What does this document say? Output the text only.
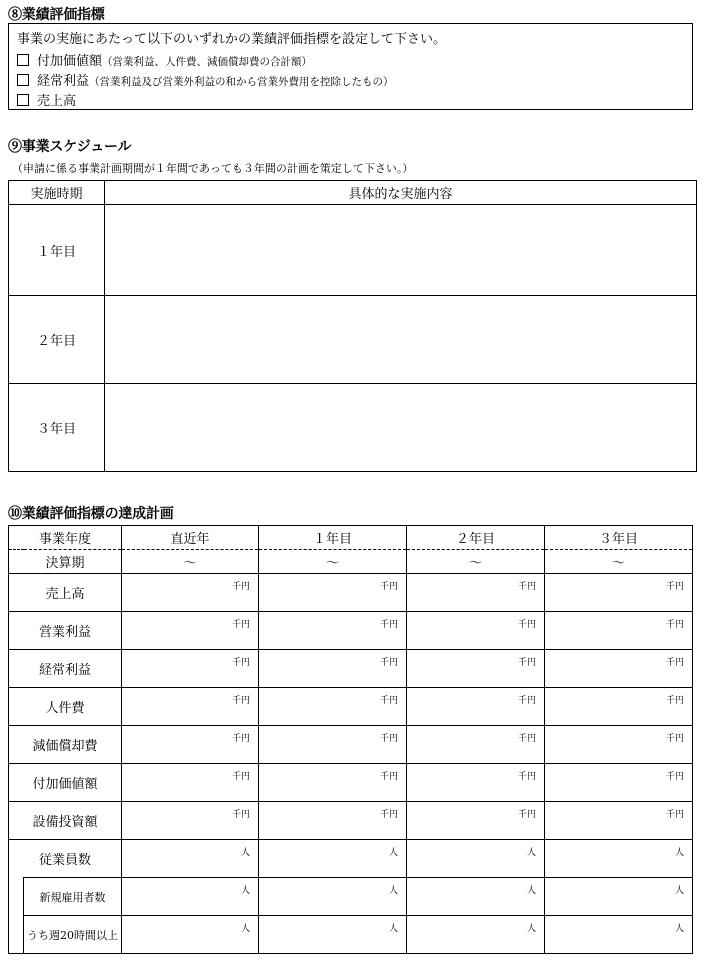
⑧業績評価指標
事業の実施にあたって以下のいずれかの業績評価指標を設定して下さい。
付加価値額（営業利益、人件費、減価償却費の合計額）
経常利益（営業利益及び営業外利益の和から営業外費用を控除したもの）
売上高
⑨事業スケジュール
（申請に係る事業計画期間が１年間であっても３年間の計画を策定して下さい。）
実施時期	具体的な実施内容
１年目	
２年目	
３年目	
⑩業績評価指標の達成計画
事業年度		直近年	１年目	２年目	３年目
決算期		～	～	～	～
売上高		千円	千円	千円	千円

営業利益		千円	千円	千円	千円

経常利益		千円	千円	千円	千円

人件費		千円	千円	千円	千円

減価償却費		千円	千円	千円	千円

付加価値額		千円	千円	千円	千円

設備投資額		千円	千円	千円	千円

従業員数		人	人	人	人

	新規雇用者数	人	人	人	人

	うち週20時間以上	人	人	人	人
